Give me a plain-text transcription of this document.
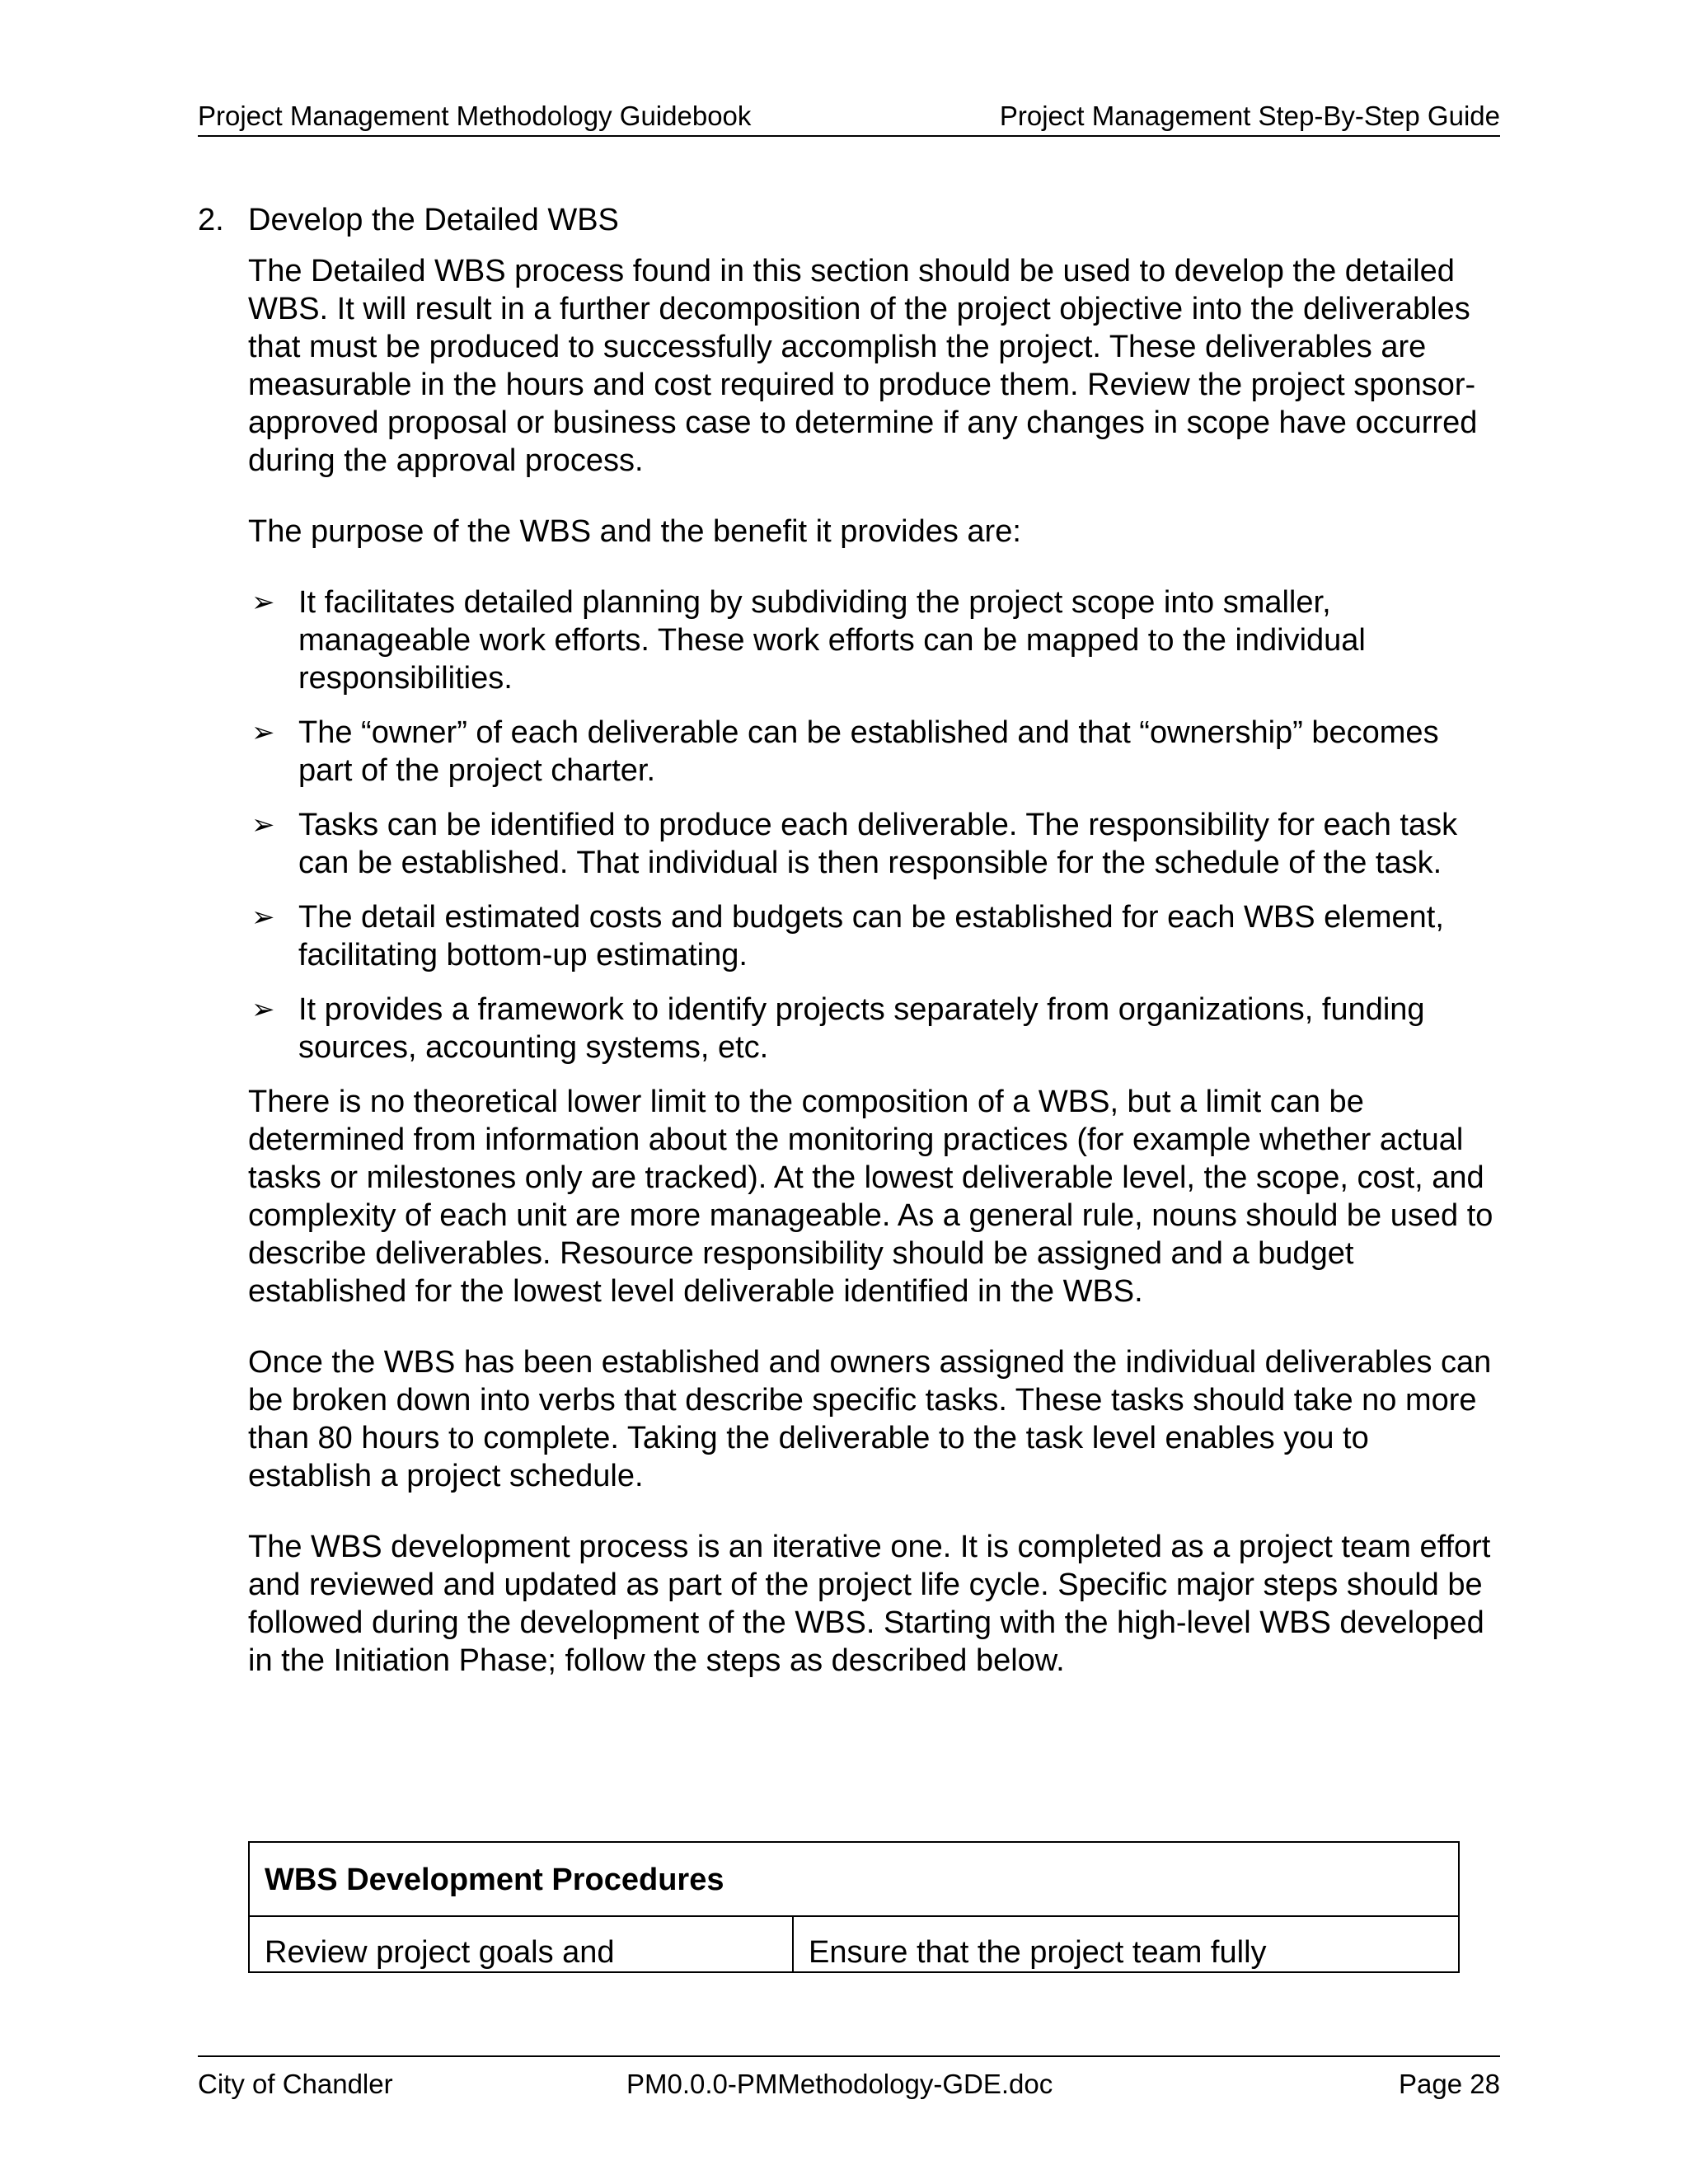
Project Management Methodology Guidebook	Project Management Step-By-Step Guide

2. Develop the Detailed WBS

The Detailed WBS process found in this section should be used to develop the detailed WBS. It will result in a further decomposition of the project objective into the deliverables that must be produced to successfully accomplish the project. These deliverables are measurable in the hours and cost required to produce them. Review the project sponsor-approved proposal or business case to determine if any changes in scope have occurred during the approval process.

The purpose of the WBS and the benefit it provides are:

➢ It facilitates detailed planning by subdividing the project scope into smaller, manageable work efforts. These work efforts can be mapped to the individual responsibilities.
➢ The “owner” of each deliverable can be established and that “ownership” becomes part of the project charter.
➢ Tasks can be identified to produce each deliverable. The responsibility for each task can be established. That individual is then responsible for the schedule of the task.
➢ The detail estimated costs and budgets can be established for each WBS element, facilitating bottom-up estimating.
➢ It provides a framework to identify projects separately from organizations, funding sources, accounting systems, etc.

There is no theoretical lower limit to the composition of a WBS, but a limit can be determined from information about the monitoring practices (for example whether actual tasks or milestones only are tracked). At the lowest deliverable level, the scope, cost, and complexity of each unit are more manageable. As a general rule, nouns should be used to describe deliverables. Resource responsibility should be assigned and a budget established for the lowest level deliverable identified in the WBS.

Once the WBS has been established and owners assigned the individual deliverables can be broken down into verbs that describe specific tasks. These tasks should take no more than 80 hours to complete. Taking the deliverable to the task level enables you to establish a project schedule.

The WBS development process is an iterative one. It is completed as a project team effort and reviewed and updated as part of the project life cycle. Specific major steps should be followed during the development of the WBS. Starting with the high-level WBS developed in the Initiation Phase; follow the steps as described below.

WBS Development Procedures
Review project goals and	Ensure that the project team fully
City of Chandler	PM0.0.0-PMMethodology-GDE.doc	Page 28
